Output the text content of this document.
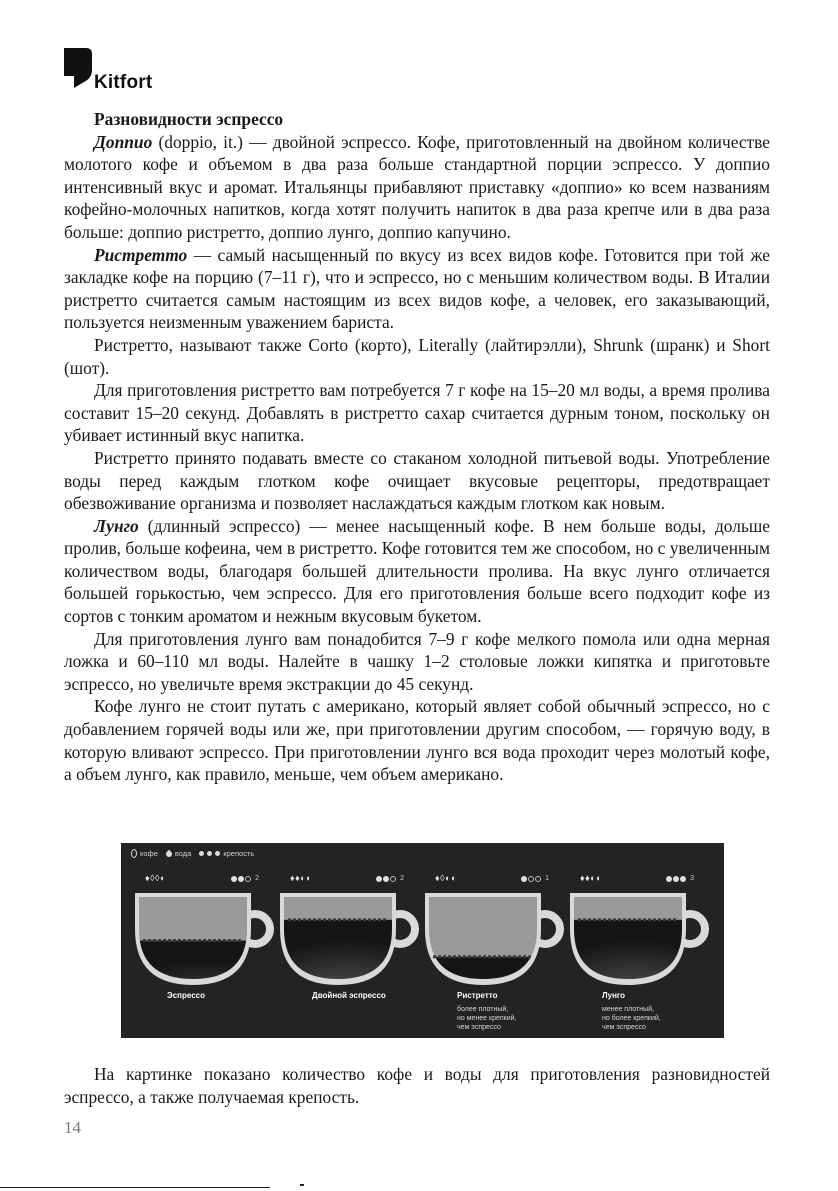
Kitfort
Разновидности эспрессо

Доппио (doppio, it.) — двойной эспрессо. Кофе, приготовленный на двойном количестве молотого кофе и объемом в два раза больше стандартной порции эспрессо. У доппио интенсивный вкус и аромат. Итальянцы прибавляют приставку «доппио» ко всем названиям кофейно-молочных напитков, когда хотят получить напиток в два раза крепче или в два раза больше: доппио ристретто, доппио лунго, доппио капучино.

Ристретто — самый насыщенный по вкусу из всех видов кофе. Готовится при той же закладке кофе на порцию (7–11 г), что и эспрессо, но с меньшим количеством воды. В Италии ристретто считается самым настоящим из всех видов кофе, а человек, его заказывающий, пользуется неизменным уважением бариста.

Ристретто, называют также Corto (корто), Literally (лайтирэлли), Shrunk (шранк) и Short (шот).

Для приготовления ристретто вам потребуется 7 г кофе на 15–20 мл воды, а время пролива составит 15–20 секунд. Добавлять в ристретто сахар считается дурным тоном, поскольку он убивает истинный вкус напитка.

Ристретто принято подавать вместе со стаканом холодной питьевой воды. Употребление воды перед каждым глотком кофе очищает вкусовые рецепторы, предотвращает обезвоживание организма и позволяет наслаждаться каждым глотком как новым.

Лунго (длинный эспрессо) — менее насыщенный кофе. В нем больше воды, дольше пролив, больше кофеина, чем в ристретто. Кофе готовится тем же способом, но с увеличенным количеством воды, благодаря большей длительности пролива. На вкус лунго отличается большей горькостью, чем эспрессо. Для его приготовления больше всего подходит кофе из сортов с тонким ароматом и нежным вкусовым букетом.

Для приготовления лунго вам понадобится 7–9 г кофе мелкого помола или одна мерная ложка и 60–110 мл воды. Налейте в чашку 1–2 столовые ложки кипятка и приготовьте эспрессо, но увеличьте время экстракции до 45 секунд.

Кофе лунго не стоит путать с американо, который являет собой обычный эспрессо, но с добавлением горячей воды или же, при приготовлении другим способом, — горячую воду, в которую вливают эспрессо. При приготовлении лунго вся вода проходит через молотый кофе, а объем лунго, как правило, меньше, чем объем американо.

кофе вода	крепость
♦◊◊◐	2
Эспрессо
♦♦◐◐	2
Двойной эспрессо
♦◊◐◐	1
Ристретто
более плотный,
но менее крепкий,
чем эспрессо
♦♦◐◐	3
Лунго
менее плотный,
но более крепкий,
чем эспрессо

На картинке показано количество кофе и воды для приготовления разновидностей эспрессо, а также получаемая крепость.

14
